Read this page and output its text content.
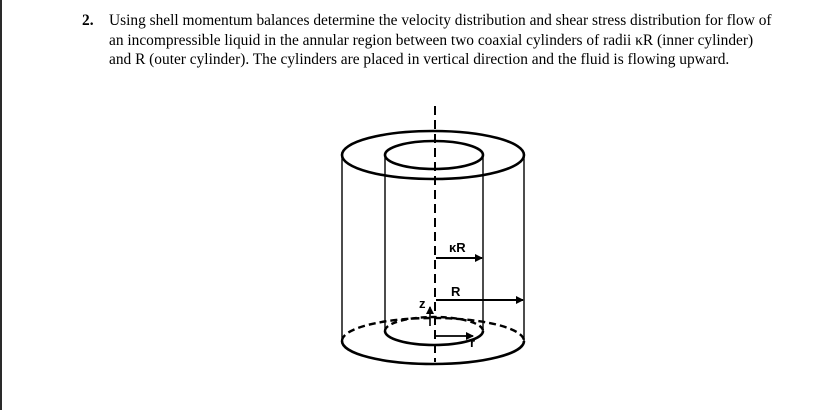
2. Using shell momentum balances determine the velocity distribution and shear stress distribution for flow of an incompressible liquid in the annular region between two coaxial cylinders of radii κR (inner cylinder) and R (outer cylinder). The cylinders are placed in vertical direction and the fluid is flowing upward.
κR
R
z
r
